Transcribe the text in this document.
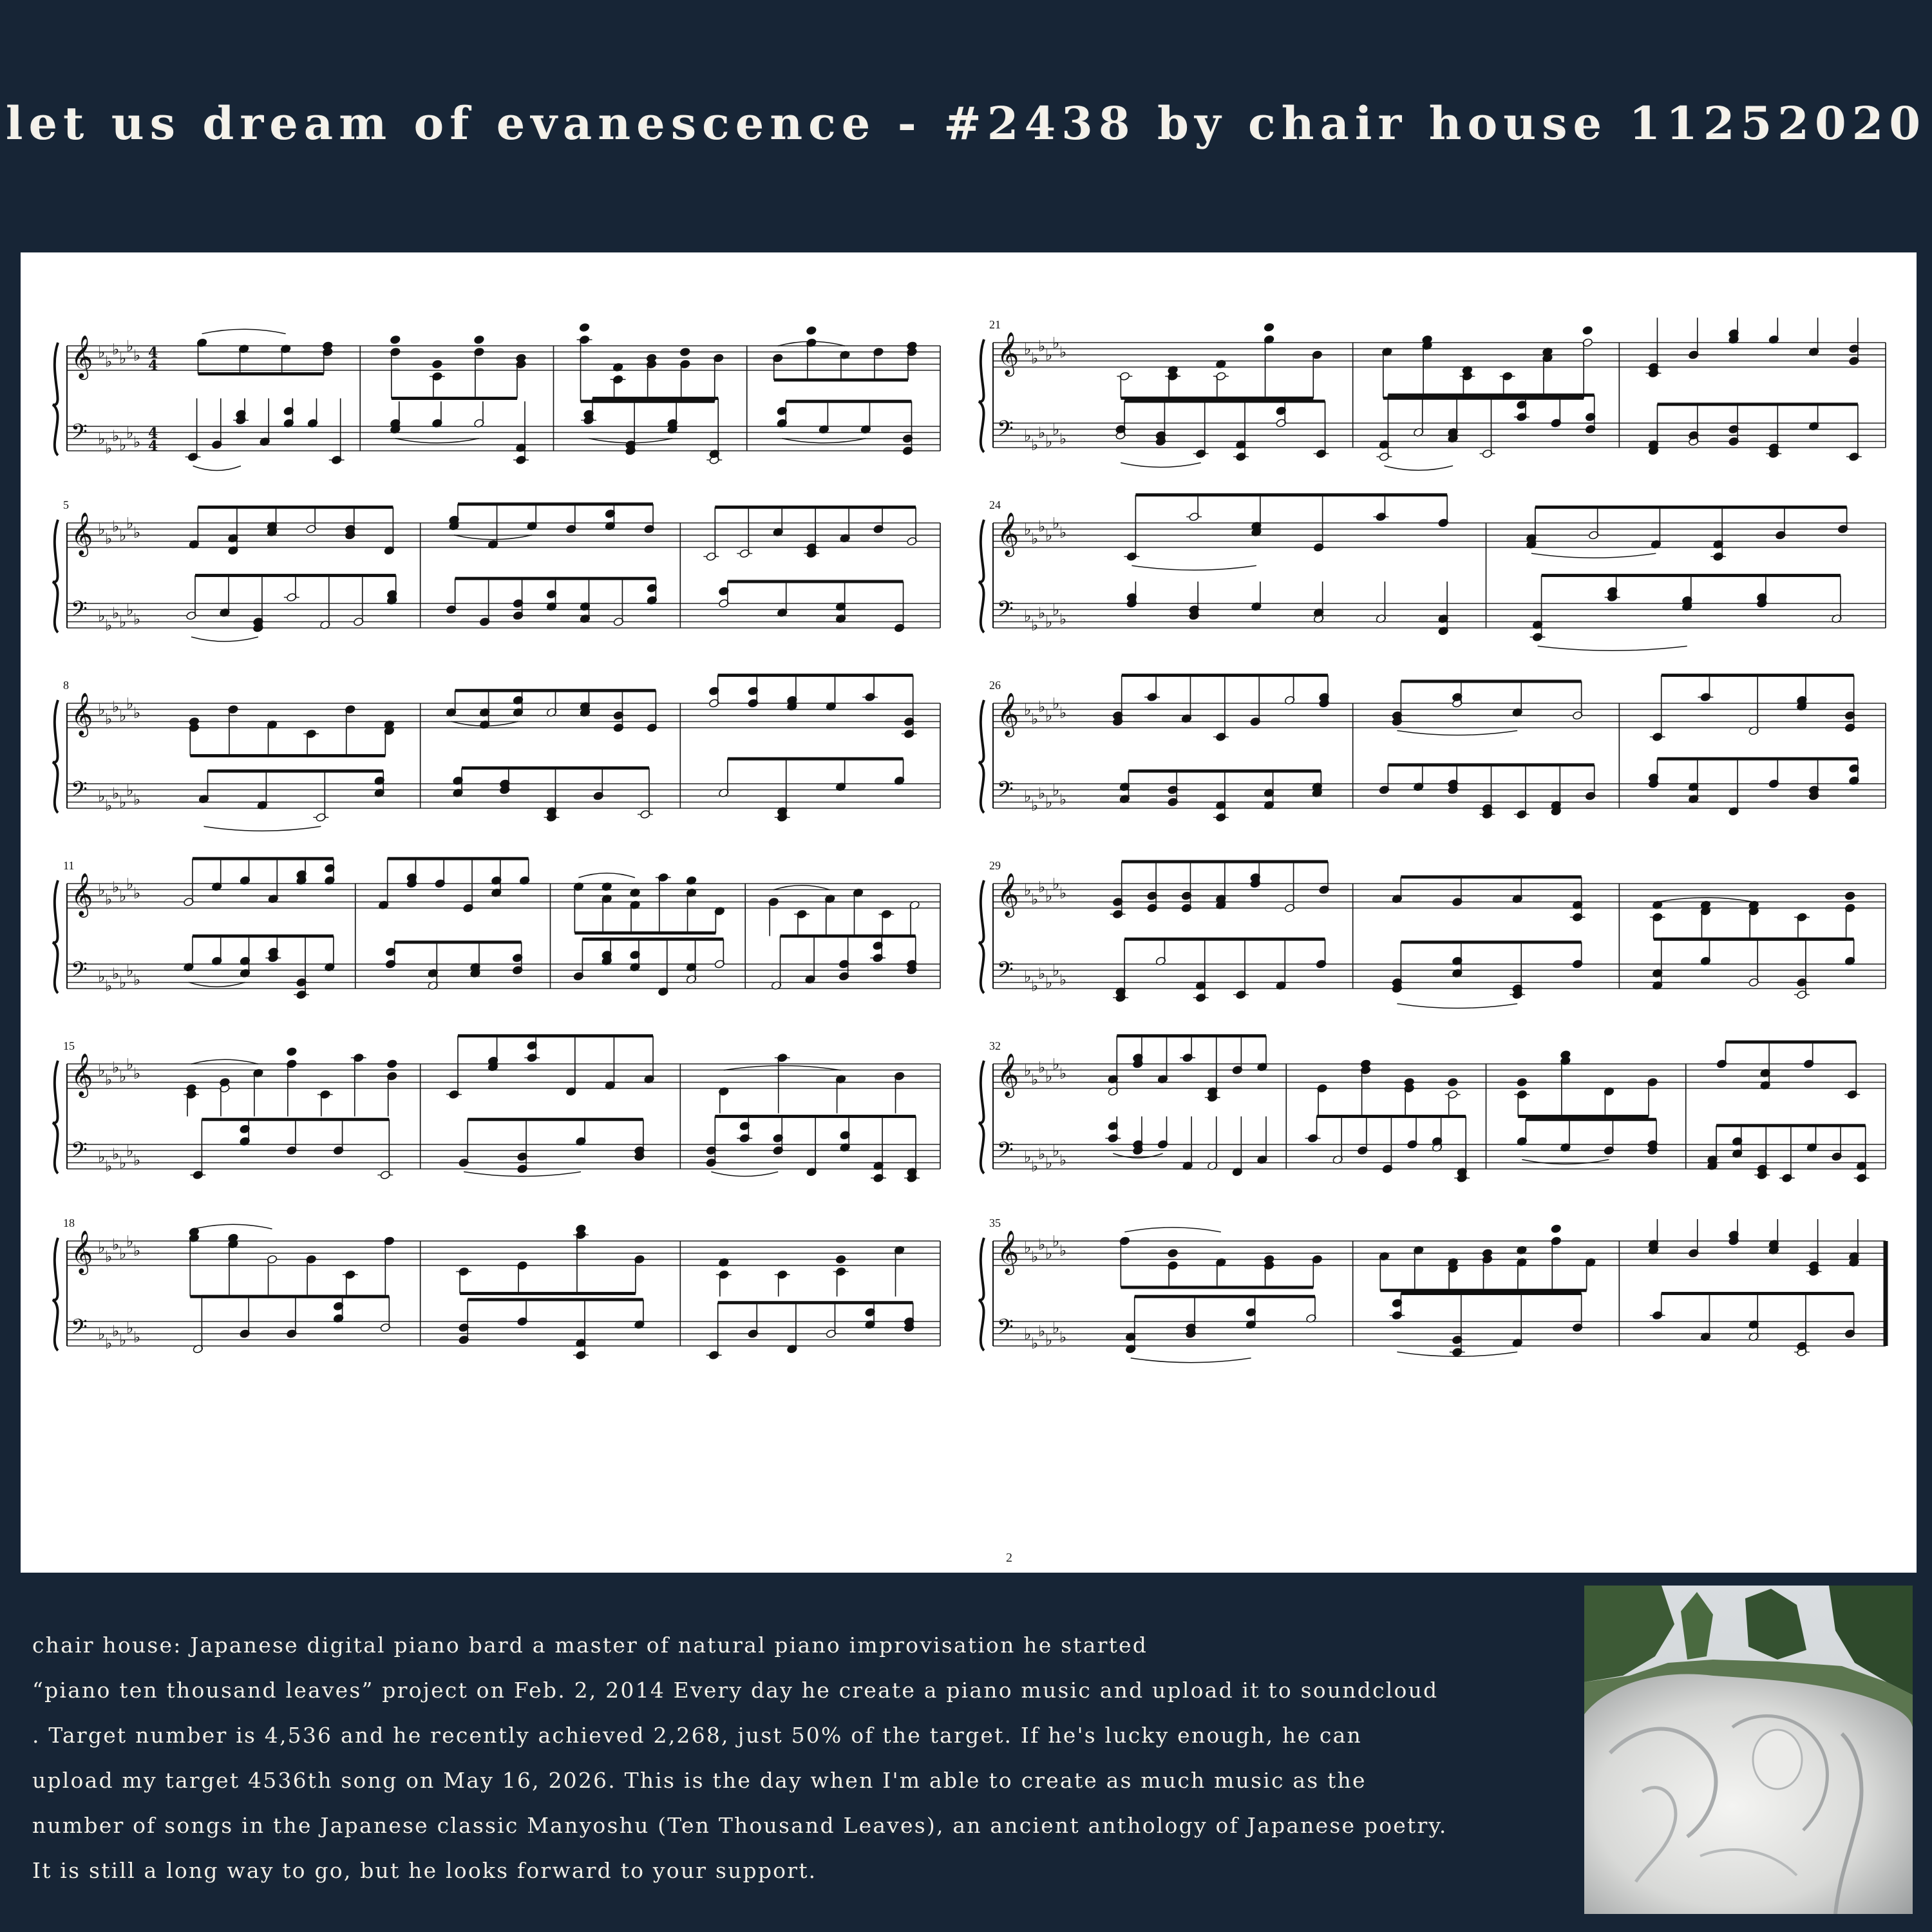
let us dream of evanescence - #2438 by chair house 11252020
𝄞 ♭
♭
♭
♭
♭
♭ 4
4
𝄢 ♭
♭
♭
♭
♭
♭ 4
4
𝄞 ♭
♭
♭
♭
♭
♭
𝄢 ♭
♭
♭
♭
♭
♭
5
𝄞 ♭
♭
♭
♭
♭
♭
𝄢 ♭
♭
♭
♭
♭
♭
8
𝄞 ♭
♭
♭
♭
♭
♭
𝄢 ♭
♭
♭
♭
♭
♭
11
𝄞 ♭
♭
♭
♭
♭
♭
𝄢 ♭
♭
♭
♭
♭
♭
15
𝄞 ♭
♭
♭
♭
♭
♭
𝄢 ♭
♭
♭
♭
♭
♭
18
𝄞 ♭
♭
♭
♭
♭
♭
𝄢 ♭
♭
♭
♭
♭
♭
21
𝄞 ♭
♭
♭
♭
♭
♭
𝄢 ♭
♭
♭
♭
♭
♭
24
𝄞 ♭
♭
♭
♭
♭
♭
𝄢 ♭
♭
♭
♭
♭
♭
26
𝄞 ♭
♭
♭
♭
♭
♭
𝄢 ♭
♭
♭
♭
♭
♭
29
𝄞 ♭
♭
♭
♭
♭
♭
𝄢 ♭
♭
♭
♭
♭
♭
32
𝄞 ♭
♭
♭
♭
♭
♭
𝄢 ♭
♭
♭
♭
♭
♭
35
2
chair house: Japanese digital piano bard a master of natural piano improvisation he started
“piano ten thousand leaves” project on Feb. 2, 2014 Every day he create a piano music and upload it to soundcloud
. Target number is 4,536 and he recently achieved 2,268, just 50% of the target. If he's lucky enough, he can
upload my target 4536th song on May 16, 2026. This is the day when I'm able to create as much music as the
number of songs in the Japanese classic Manyoshu (Ten Thousand Leaves), an ancient anthology of Japanese poetry.
It is still a long way to go, but he looks forward to your support.
